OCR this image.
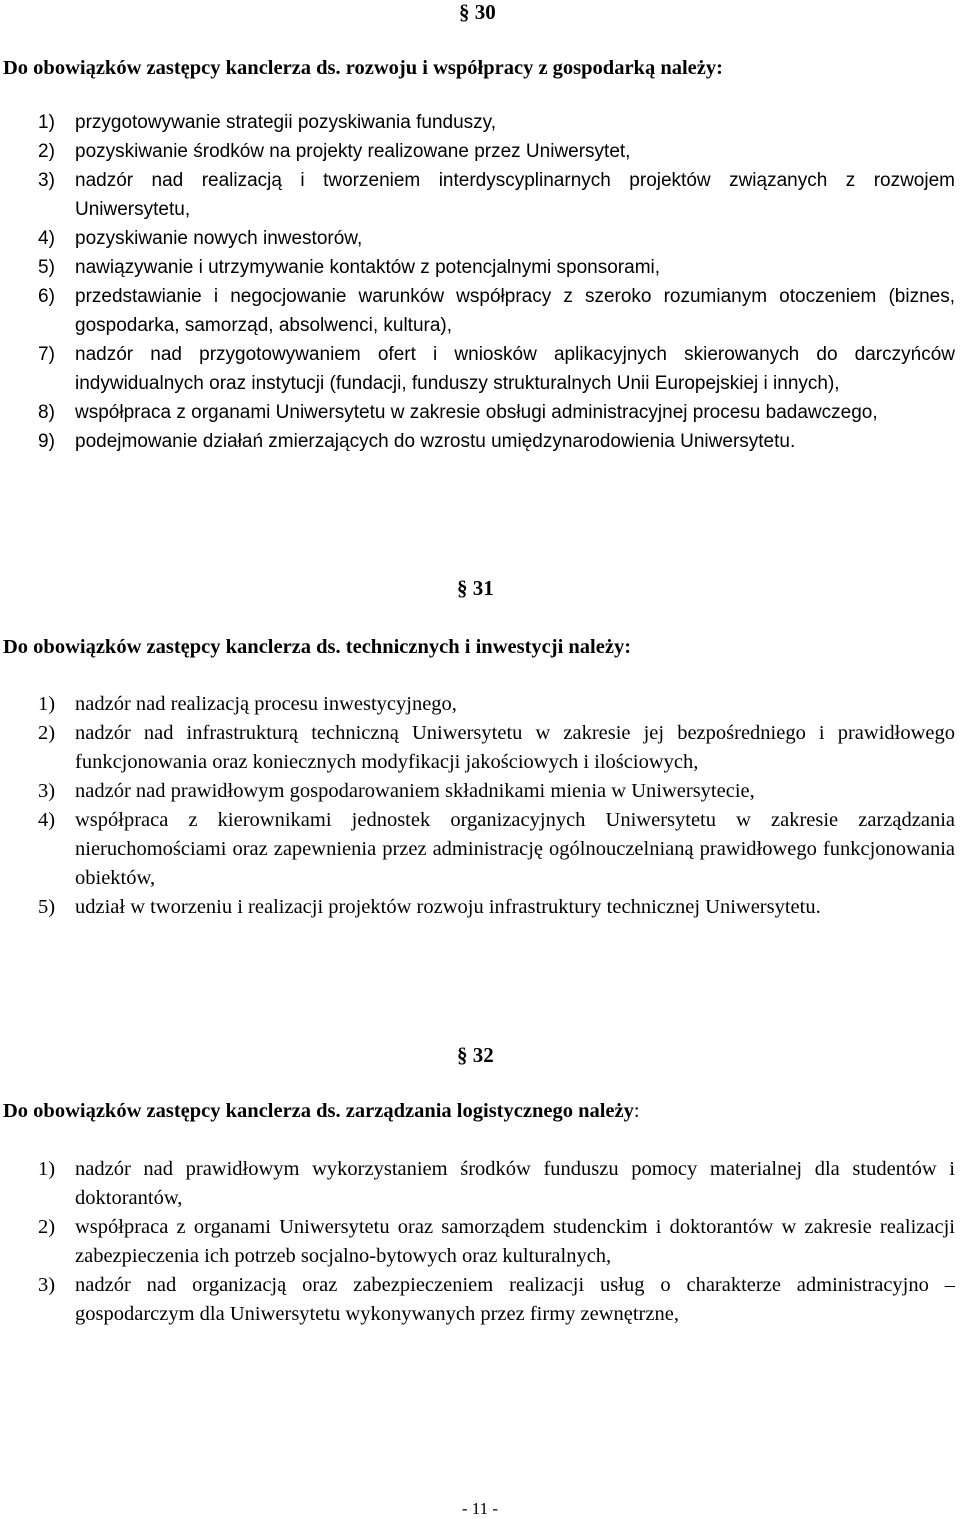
§ 30
Do obowiązków zastępcy kanclerza ds. rozwoju i współpracy z gospodarką należy:
1)	przygotowywanie strategii pozyskiwania funduszy,
2)	pozyskiwanie środków na projekty realizowane przez Uniwersytet,
3)	nadzór nad realizacją i tworzeniem interdyscyplinarnych projektów związanych z rozwojem Uniwersytetu,
4)	pozyskiwanie nowych inwestorów,
5)	nawiązywanie i utrzymywanie kontaktów z potencjalnymi sponsorami,
6)	przedstawianie i negocjowanie warunków współpracy z szeroko rozumianym otoczeniem (biznes, gospodarka, samorząd, absolwenci, kultura),
7)	nadzór nad przygotowywaniem ofert i wniosków aplikacyjnych skierowanych do darczyńców indywidualnych oraz instytucji (fundacji, funduszy strukturalnych Unii Europejskiej i innych),
8)	współpraca z organami Uniwersytetu w zakresie obsługi administracyjnej procesu badawczego,
9)	podejmowanie działań zmierzających do wzrostu umiędzynarodowienia Uniwersytetu.
§ 31
Do obowiązków zastępcy kanclerza ds. technicznych i inwestycji należy:
1) nadzór nad realizacją procesu inwestycyjnego,
2) nadzór nad infrastrukturą techniczną Uniwersytetu w zakresie jej bezpośredniego i prawidłowego funkcjonowania oraz koniecznych modyfikacji jakościowych i ilościowych,
3) nadzór nad prawidłowym gospodarowaniem składnikami mienia w Uniwersytecie,
4) współpraca z kierownikami jednostek organizacyjnych Uniwersytetu w zakresie zarządzania nieruchomościami oraz zapewnienia przez administrację ogólnouczelnianą prawidłowego funkcjonowania obiektów,
5) udział w tworzeniu i realizacji projektów rozwoju infrastruktury technicznej Uniwersytetu.
§ 32
Do obowiązków zastępcy kanclerza ds. zarządzania logistycznego należy:
1) nadzór nad prawidłowym wykorzystaniem środków funduszu pomocy materialnej dla studentów i doktorantów,
2) współpraca z organami Uniwersytetu oraz samorządem studenckim i doktorantów w zakresie realizacji zabezpieczenia ich potrzeb socjalno-bytowych oraz kulturalnych,
3) nadzór nad organizacją oraz zabezpieczeniem realizacji usług o charakterze administracyjno – gospodarczym dla Uniwersytetu wykonywanych przez firmy zewnętrzne,
- 11 -
